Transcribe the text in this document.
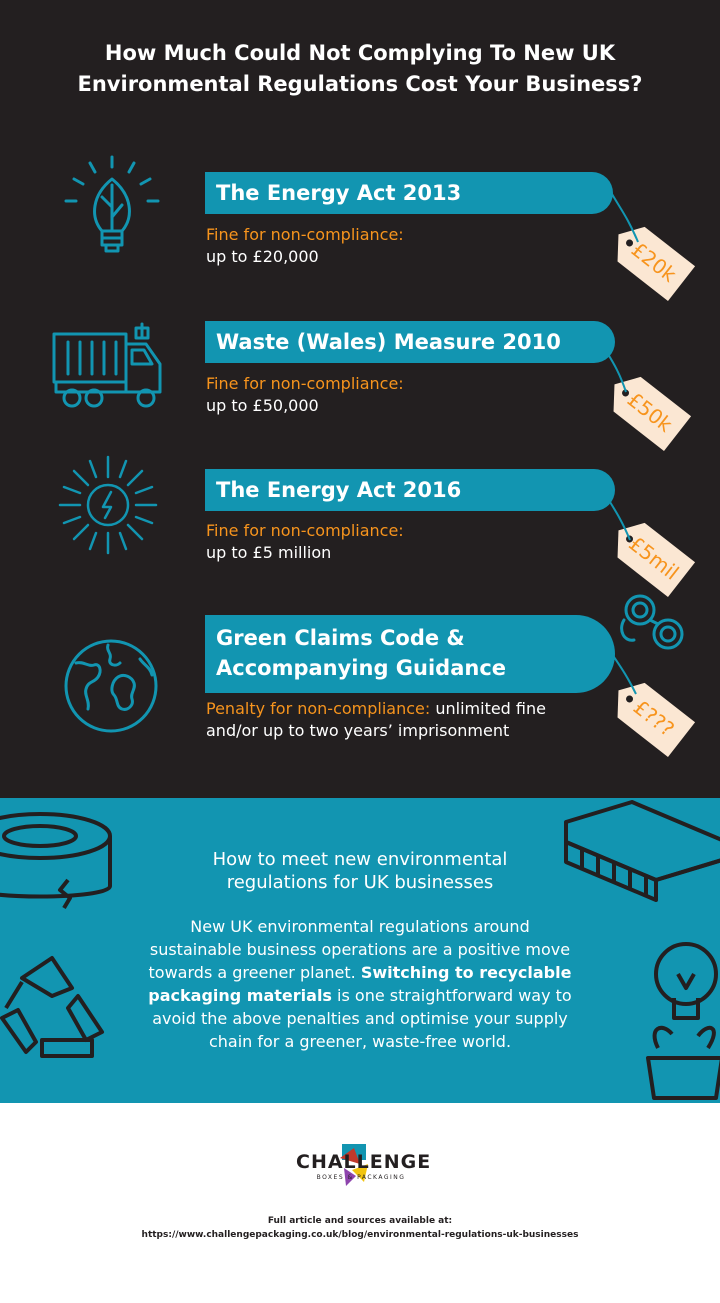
How Much Could Not Complying To New UK
Environmental Regulations Cost Your Business?
The Energy Act 2013
Fine for non-compliance:
up to £20,000	£20k
Waste (Wales) Measure 2010
Fine for non-compliance:
up to £50,000	£50k
The Energy Act 2016
Fine for non-compliance:
up to £5 million	£5mil
Green Claims Code &
Accompanying Guidance
Penalty for non-compliance: unlimited fine
and/or up to two years’ imprisonment	£???
How to meet new environmental
regulations for UK businesses
New UK environmental regulations around
sustainable business operations are a positive move
towards a greener planet. Switching to recyclable
packaging materials is one straightforward way to
avoid the above penalties and optimise your supply
chain for a greener, waste-free world.
CHALLENGE
BOXES & PACKAGING
Full article and sources available at:
https://www.challengepackaging.co.uk/blog/environmental-regulations-uk-businesses
